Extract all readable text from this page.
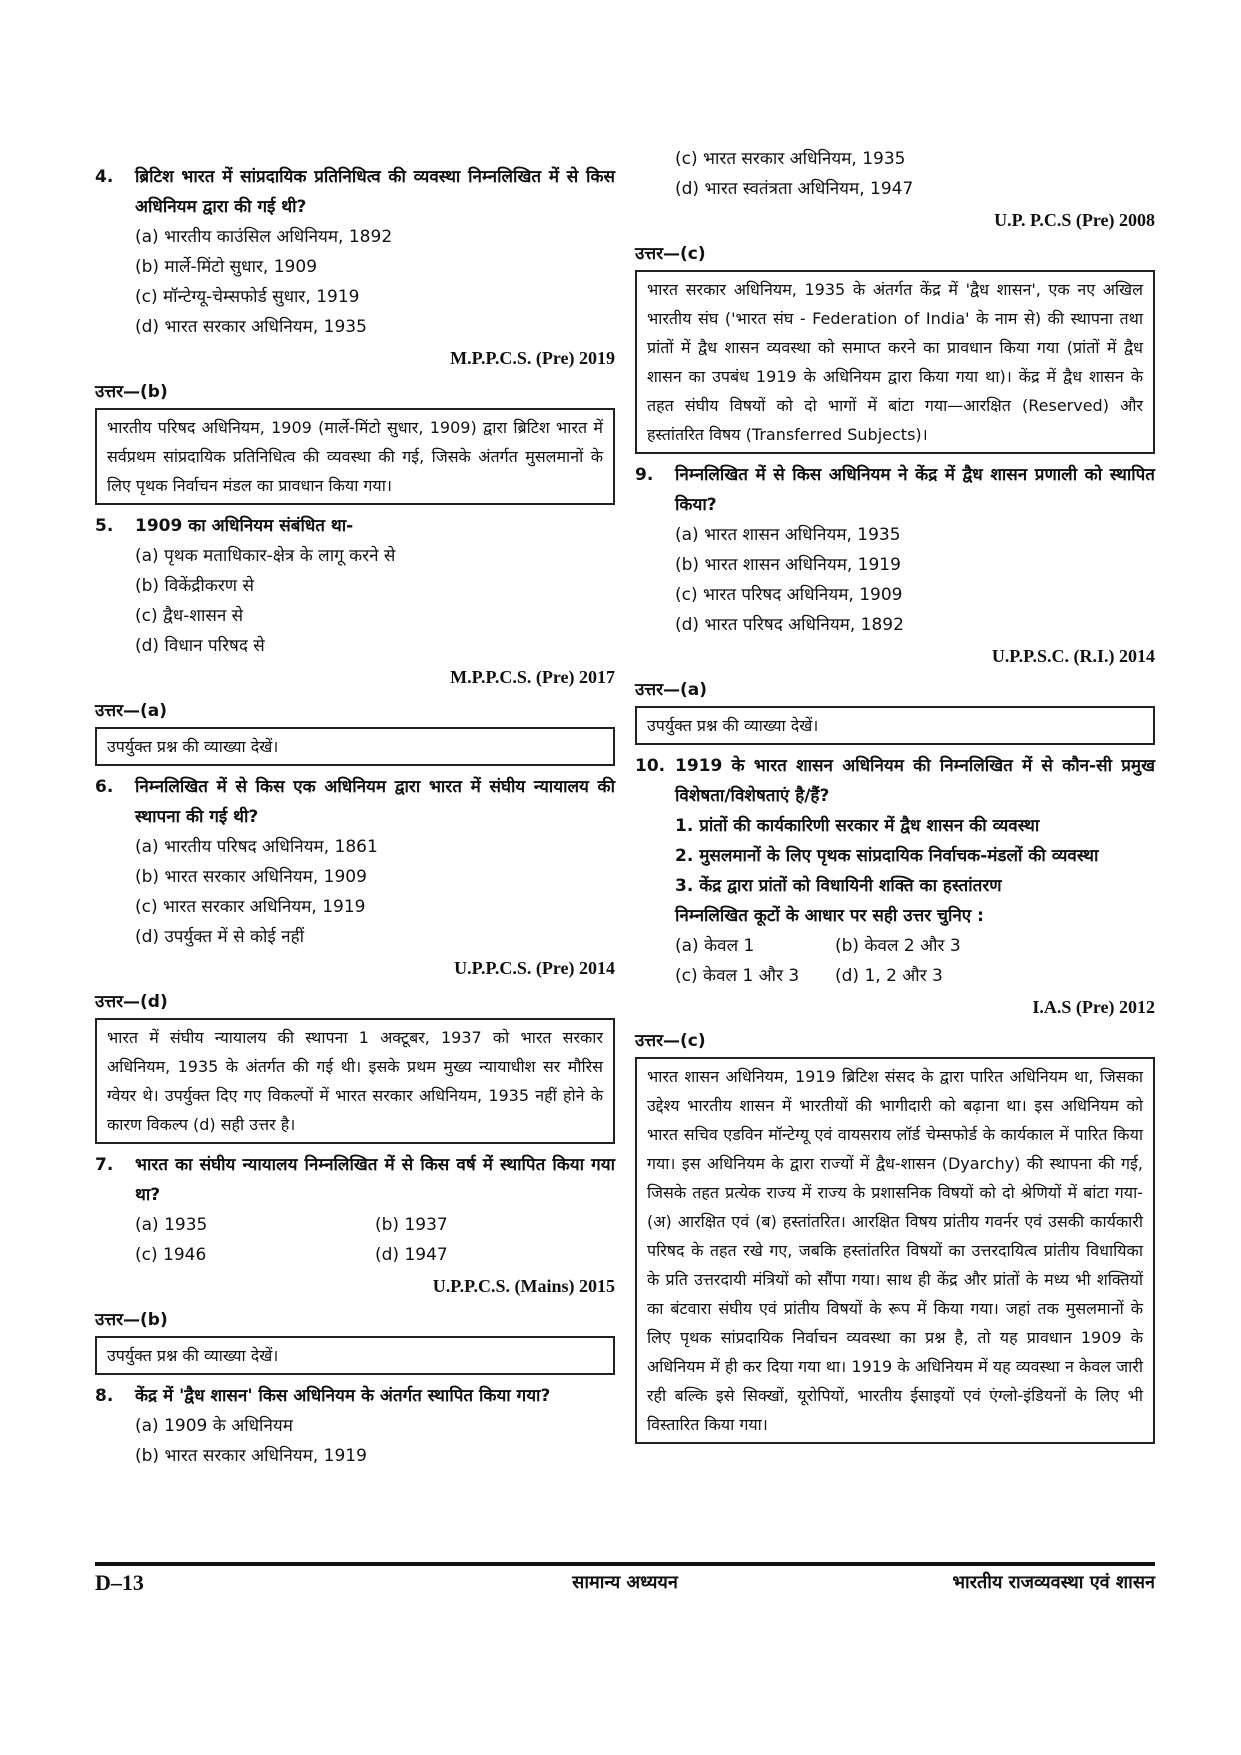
4.	ब्रिटिश भारत में सांप्रदायिक प्रतिनिधित्व की व्यवस्था निम्नलिखित में से किस अधिनियम द्वारा की गई थी?
(a) भारतीय काउंसिल अधिनियम, 1892
(b) मार्ले-मिंटो सुधार, 1909
(c) मॉन्टेग्यू-चेम्सफोर्ड सुधार, 1919
(d) भारत सरकार अधिनियम, 1935
M.P.P.C.S. (Pre) 2019
उत्तर—(b)
भारतीय परिषद अधिनियम, 1909 (मार्ले-मिंटो सुधार, 1909) द्वारा ब्रिटिश भारत में सर्वप्रथम सांप्रदायिक प्रतिनिधित्व की व्यवस्था की गई, जिसके अंतर्गत मुसलमानों के लिए पृथक निर्वाचन मंडल का प्रावधान किया गया।
5.	1909 का अधिनियम संबंधित था-
(a) पृथक मताधिकार-क्षेत्र के लागू करने से
(b) विकेंद्रीकरण से
(c) द्वैध-शासन से
(d) विधान परिषद से
M.P.P.C.S. (Pre) 2017
उत्तर—(a)
उपर्युक्त प्रश्न की व्याख्या देखें।
6.	निम्नलिखित में से किस एक अधिनियम द्वारा भारत में संघीय न्यायालय की स्थापना की गई थी?
(a) भारतीय परिषद अधिनियम, 1861
(b) भारत सरकार अधिनियम, 1909
(c) भारत सरकार अधिनियम, 1919
(d) उपर्युक्त में से कोई नहीं
U.P.P.C.S. (Pre) 2014
उत्तर—(d)
भारत में संघीय न्यायालय की स्थापना 1 अक्टूबर, 1937 को भारत सरकार अधिनियम, 1935 के अंतर्गत की गई थी। इसके प्रथम मुख्य न्यायाधीश सर मौरिस ग्वेयर थे। उपर्युक्त दिए गए विकल्पों में भारत सरकार अधिनियम, 1935 नहीं होने के कारण विकल्प (d) सही उत्तर है।
7.	भारत का संघीय न्यायालय निम्नलिखित में से किस वर्ष में स्थापित किया गया था?
(a) 1935	(b) 1937
(c) 1946	(d) 1947
U.P.P.C.S. (Mains) 2015
उत्तर—(b)
उपर्युक्त प्रश्न की व्याख्या देखें।
8.	केंद्र में 'द्वैध शासन' किस अधिनियम के अंतर्गत स्थापित किया गया?
(a) 1909 के अधिनियम
(b) भारत सरकार अधिनियम, 1919
(c) भारत सरकार अधिनियम, 1935
(d) भारत स्वतंत्रता अधिनियम, 1947
U.P. P.C.S (Pre) 2008
उत्तर—(c)
भारत सरकार अधिनियम, 1935 के अंतर्गत केंद्र में 'द्वैध शासन', एक नए अखिल भारतीय संघ ('भारत संघ - Federation of India' के नाम से) की स्थापना तथा प्रांतों में द्वैध शासन व्यवस्था को समाप्त करने का प्रावधान किया गया (प्रांतों में द्वैध शासन का उपबंध 1919 के अधिनियम द्वारा किया गया था)। केंद्र में द्वैध शासन के तहत संघीय विषयों को दो भागों में बांटा गया—आरक्षित (Reserved) और हस्तांतरित विषय (Transferred Subjects)।
9.	निम्नलिखित में से किस अधिनियम ने केंद्र में द्वैध शासन प्रणाली को स्थापित किया?
(a) भारत शासन अधिनियम, 1935
(b) भारत शासन अधिनियम, 1919
(c) भारत परिषद अधिनियम, 1909
(d) भारत परिषद अधिनियम, 1892
U.P.P.S.C. (R.I.) 2014
उत्तर—(a)
उपर्युक्त प्रश्न की व्याख्या देखें।
10. 1919 के भारत शासन अधिनियम की निम्नलिखित में से कौन-सी प्रमुख विशेषता/विशेषताएं है/हैं?
1. प्रांतों की कार्यकारिणी सरकार में द्वैध शासन की व्यवस्था
2. मुसलमानों के लिए पृथक सांप्रदायिक निर्वाचक-मंडलों की व्यवस्था
3. केंद्र द्वारा प्रांतों को विधायिनी शक्ति का हस्तांतरण
निम्नलिखित कूटों के आधार पर सही उत्तर चुनिए :
(a) केवल 1	(b) केवल 2 और 3
(c) केवल 1 और 3	(d) 1, 2 और 3
I.A.S (Pre) 2012
उत्तर—(c)
भारत शासन अधिनियम, 1919 ब्रिटिश संसद के द्वारा पारित अधिनियम था, जिसका उद्देश्य भारतीय शासन में भारतीयों की भागीदारी को बढ़ाना था। इस अधिनियम को भारत सचिव एडविन मॉन्टेग्यू एवं वायसराय लॉर्ड चेम्सफोर्ड के कार्यकाल में पारित किया गया। इस अधिनियम के द्वारा राज्यों में द्वैध-शासन (Dyarchy) की स्थापना की गई, जिसके तहत प्रत्येक राज्य में राज्य के प्रशासनिक विषयों को दो श्रेणियों में बांटा गया- (अ) आरक्षित एवं (ब) हस्तांतरित। आरक्षित विषय प्रांतीय गवर्नर एवं उसकी कार्यकारी परिषद के तहत रखे गए, जबकि हस्तांतरित विषयों का उत्तरदायित्व प्रांतीय विधायिका के प्रति उत्तरदायी मंत्रियों को सौंपा गया। साथ ही केंद्र और प्रांतों के मध्य भी शक्तियों का बंटवारा संघीय एवं प्रांतीय विषयों के रूप में किया गया। जहां तक मुसलमानों के लिए पृथक सांप्रदायिक निर्वाचन व्यवस्था का प्रश्न है, तो यह प्रावधान 1909 के अधिनियम में ही कर दिया गया था। 1919 के अधिनियम में यह व्यवस्था न केवल जारी रही बल्कि इसे सिक्खों, यूरोपियों, भारतीय ईसाइयों एवं एंग्लो-इंडियनों के लिए भी विस्तारित किया गया।
D–13	सामान्य अध्ययन	भारतीय राजव्यवस्था एवं शासन
